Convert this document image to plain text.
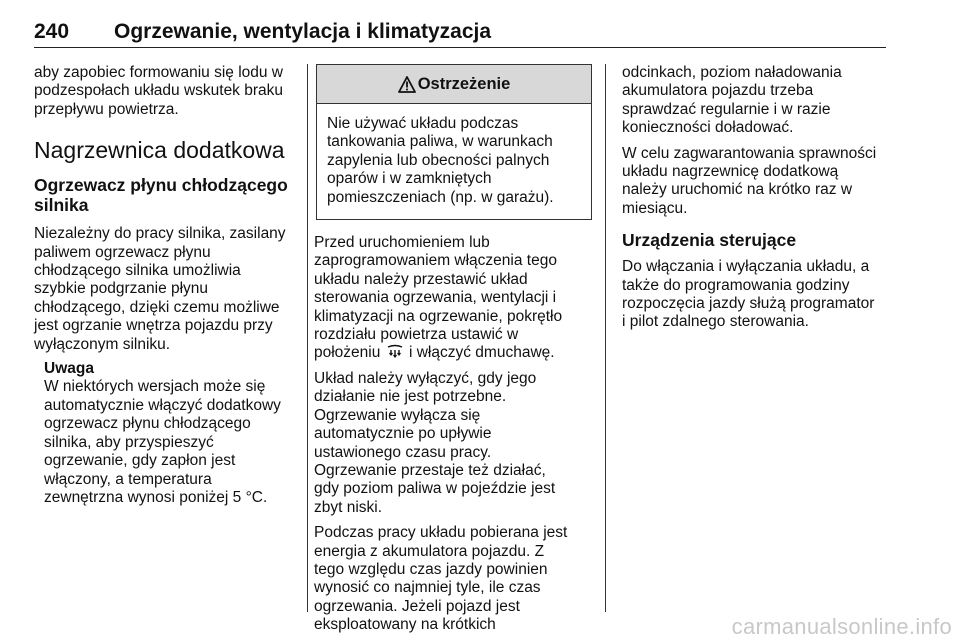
240 Ogrzewanie, wentylacja i klimatyzacja

aby zapobiec formowaniu się lodu w
podzespołach układu wskutek braku
przepływu powietrza.

Nagrzewnica dodatkowa
Ogrzewacz płynu chłodzącego
silnika

Niezależny do pracy silnika, zasilany
paliwem ogrzewacz płynu
chłodzącego silnika umożliwia
szybkie podgrzanie płynu
chłodzącego, dzięki czemu możliwe
jest ogrzanie wnętrza pojazdu przy
wyłączonym silniku.

Uwaga
W niektórych wersjach może się
automatycznie włączyć dodatkowy
ogrzewacz płynu chłodzącego
silnika, aby przyspieszyć
ogrzewanie, gdy zapłon jest
włączony, a temperatura
zewnętrzna wynosi poniżej 5 °C.
Ostrzeżenie
Nie używać układu podczas
tankowania paliwa, w warunkach
zapylenia lub obecności palnych
oparów i w zamkniętych
pomieszczeniach (np. w garażu).

Przed uruchomieniem lub
zaprogramowaniem włączenia tego
układu należy przestawić układ
sterowania ogrzewania, wentylacji i
klimatyzacji na ogrzewanie, pokrętło
rozdziału powietrza ustawić w
położeniu i włączyć dmuchawę.

Układ należy wyłączyć, gdy jego
działanie nie jest potrzebne.
Ogrzewanie wyłącza się
automatycznie po upływie
ustawionego czasu pracy.
Ogrzewanie przestaje też działać,
gdy poziom paliwa w pojeździe jest
zbyt niski.

Podczas pracy układu pobierana jest
energia z akumulatora pojazdu. Z
tego względu czas jazdy powinien
wynosić co najmniej tyle, ile czas
ogrzewania. Jeżeli pojazd jest
eksploatowany na krótkich

odcinkach, poziom naładowania
akumulatora pojazdu trzeba
sprawdzać regularnie i w razie
konieczności doładować.

W celu zagwarantowania sprawności
układu nagrzewnicę dodatkową
należy uruchomić na krótko raz w
miesiącu.

Urządzenia sterujące

Do włączania i wyłączania układu, a
także do programowania godziny
rozpoczęcia jazdy służą programator
i pilot zdalnego sterowania.

carmanualsonline.info
